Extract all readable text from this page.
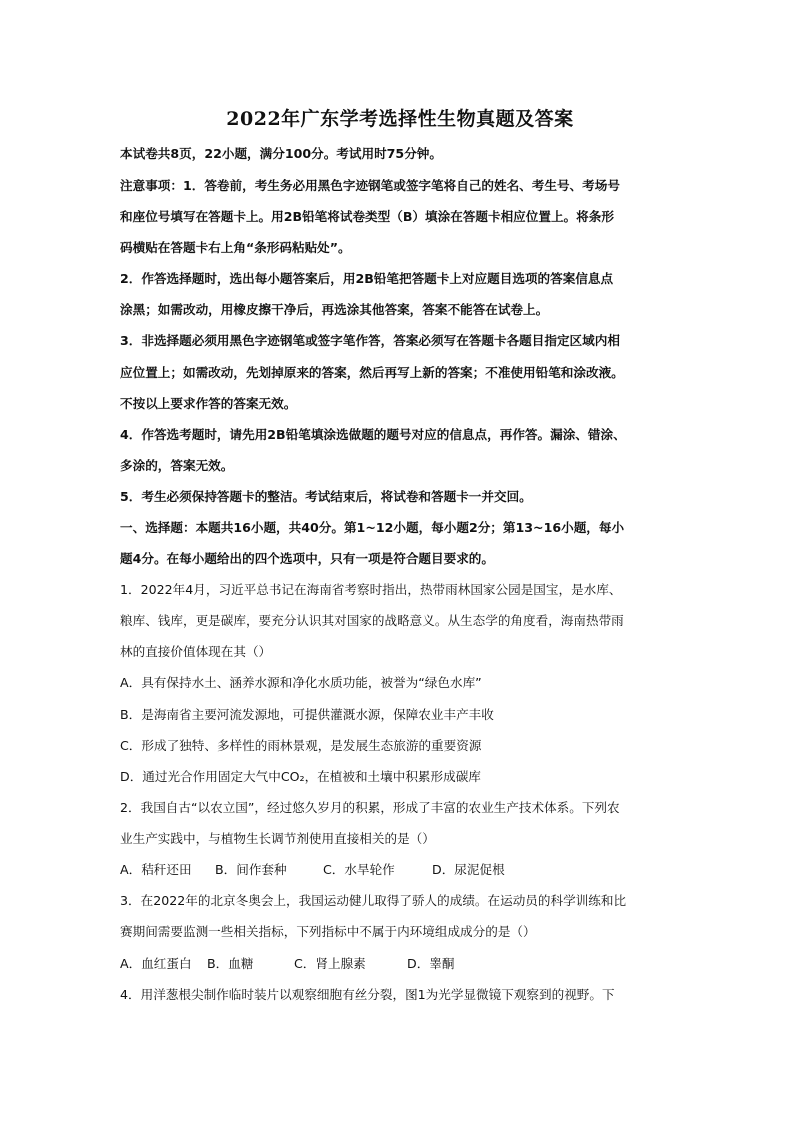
2022年广东学考选择性生物真题及答案
本试卷共8页，22小题，满分100分。考试用时75分钟。
注意事项：1．答卷前，考生务必用黑色字迹钢笔或签字笔将自己的姓名、考生号、考场号
和座位号填写在答题卡上。用2B铅笔将试卷类型（B）填涂在答题卡相应位置上。将条形
码横贴在答题卡右上角“条形码粘贴处”。
2．作答选择题时，选出每小题答案后，用2B铅笔把答题卡上对应题目选项的答案信息点
涂黑；如需改动，用橡皮擦干净后，再选涂其他答案，答案不能答在试卷上。
3．非选择题必须用黑色字迹钢笔或签字笔作答，答案必须写在答题卡各题目指定区域内相
应位置上；如需改动，先划掉原来的答案，然后再写上新的答案；不准使用铅笔和涂改液。
不按以上要求作答的答案无效。
4．作答选考题时，请先用2B铅笔填涂选做题的题号对应的信息点，再作答。漏涂、错涂、
多涂的，答案无效。
5．考生必须保持答题卡的整洁。考试结束后，将试卷和答题卡一并交回。
一、选择题：本题共16小题，共40分。第1~12小题，每小题2分；第13~16小题，每小
题4分。在每小题给出的四个选项中，只有一项是符合题目要求的。
1．2022年4月，习近平总书记在海南省考察时指出，热带雨林国家公园是国宝，是水库、
粮库、钱库，更是碳库，要充分认识其对国家的战略意义。从生态学的角度看，海南热带雨
林的直接价值体现在其（）
A．具有保持水土、涵养水源和净化水质功能，被誉为“绿色水库”
B．是海南省主要河流发源地，可提供灌溉水源，保障农业丰产丰收
C．形成了独特、多样性的雨林景观，是发展生态旅游的重要资源
D．通过光合作用固定大气中CO₂，在植被和土壤中积累形成碳库
2．我国自古“以农立国”，经过悠久岁月的积累，形成了丰富的农业生产技术体系。下列农
业生产实践中，与植物生长调节剂使用直接相关的是（）
A．秸秆还田 B．间作套种	C．水旱轮作	D．尿泥促根
3．在2022年的北京冬奥会上，我国运动健儿取得了骄人的成绩。在运动员的科学训练和比
赛期间需要监测一些相关指标，下列指标中不属于内环境组成成分的是（）
A．血红蛋白 B．血糖	C．肾上腺素	D．睾酮
4．用洋葱根尖制作临时装片以观察细胞有丝分裂，图1为光学显微镜下观察到的视野。下
